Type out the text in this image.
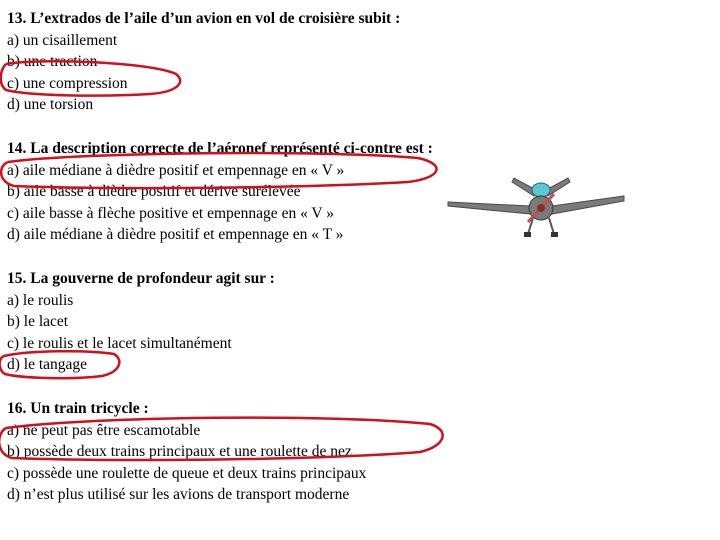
13. L’extrados de l’aile d’un avion en vol de croisière subit :
a) un cisaillement
b) une traction
c) une compression
d) une torsion
14. La description correcte de l’aéronef représenté ci-contre est :
a) aile médiane à dièdre positif et empennage en « V »
b) aile basse à dièdre positif et dérive surélevée
c) aile basse à flèche positive et empennage en « V »
d) aile médiane à dièdre positif et empennage en « T »
15. La gouverne de profondeur agit sur :
a) le roulis
b) le lacet
c) le roulis et le lacet simultanément
d) le tangage
16. Un train tricycle :
a) ne peut pas être escamotable
b) possède deux trains principaux et une roulette de nez
c) possède une roulette de queue et deux trains principaux
d) n’est plus utilisé sur les avions de transport moderne
